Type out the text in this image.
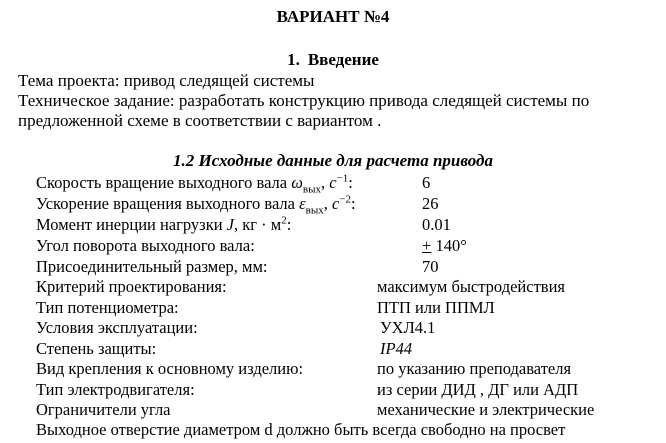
ВАРИАНТ №4
1. Введение
Тема проекта: привод следящей системы
Техническое задание: разработать конструкцию привода следящей системы по
предложенной схеме в соответствии с вариантом .
1.2 Исходные данные для расчета привода
Скорость вращение выходного вала $\omega_{вых}$, $c^{-1}$:	6
Ускорение вращения выходного вала $\varepsilon_{вых}$, $c^{-2}$:	26
Момент инерции нагрузки J, кг · $м^2$:	0.01
Угол поворота выходного вала:	+ 140°
Присоединительный размер, мм:	70
Критерий проектирования:	максимум быстродействия
Тип потенциометра:	ПТП или ППМЛ
Условия эксплуатации:	УХЛ4.1
Степень защиты:	IP44
Вид крепления к основному изделию:	по указанию преподавателя
Тип электродвигателя:	из серии ДИД , ДГ или АДП
Ограничители угла	механические и электрические
Выходное отверстие диаметром d должно быть всегда свободно на просвет
